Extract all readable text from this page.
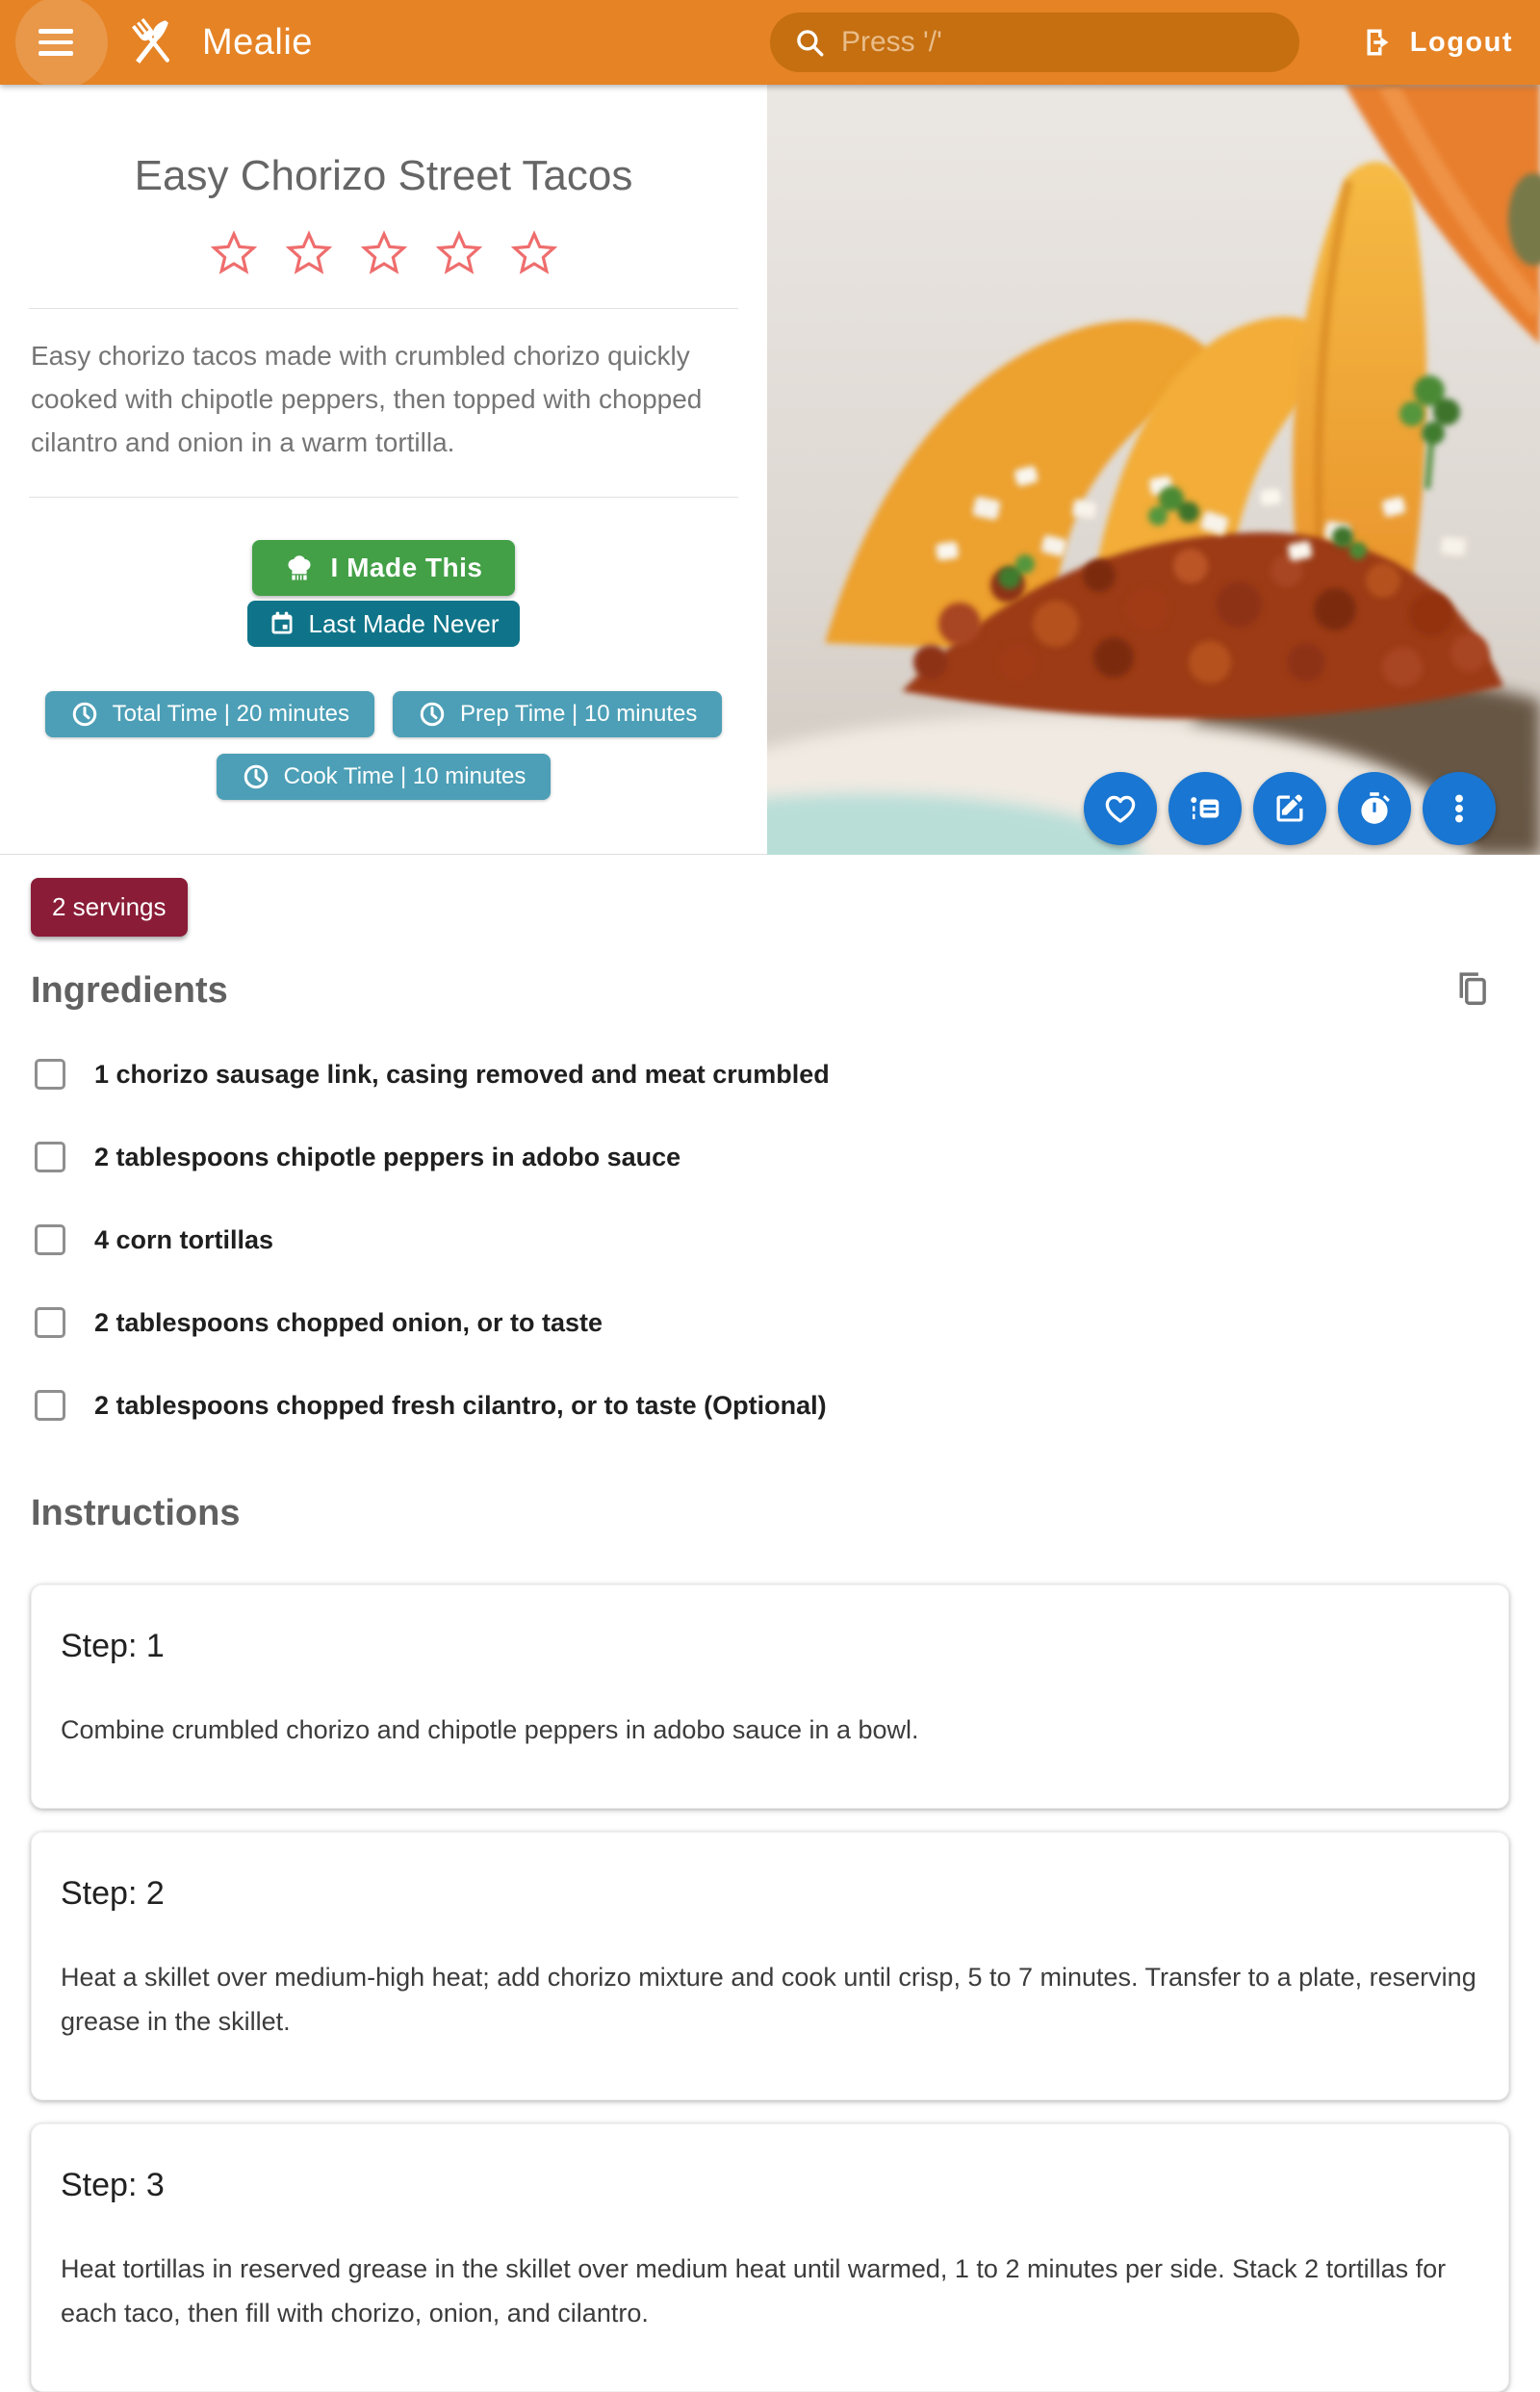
Mealie
Press '/'	Logout
Easy Chorizo Street Tacos

Easy chorizo tacos made with crumbled chorizo quickly cooked with chipotle peppers, then topped with chopped cilantro and onion in a warm tortilla.

I Made This
Last Made Never
Total Time | 20 minutes	Prep Time | 10 minutes
Cook Time | 10 minutes
2 servings
Ingredients
1 chorizo sausage link, casing removed and meat crumbled
2 tablespoons chipotle peppers in adobo sauce
4 corn tortillas
2 tablespoons chopped onion, or to taste
2 tablespoons chopped fresh cilantro, or to taste (Optional)
Instructions
Step: 1

Combine crumbled chorizo and chipotle peppers in adobo sauce in a bowl.

Step: 2

Heat a skillet over medium-high heat; add chorizo mixture and cook until crisp, 5 to 7 minutes. Transfer to a plate, reserving grease in the skillet.

Step: 3

Heat tortillas in reserved grease in the skillet over medium heat until warmed, 1 to 2 minutes per side. Stack 2 tortillas for each taco, then fill with chorizo, onion, and cilantro.
